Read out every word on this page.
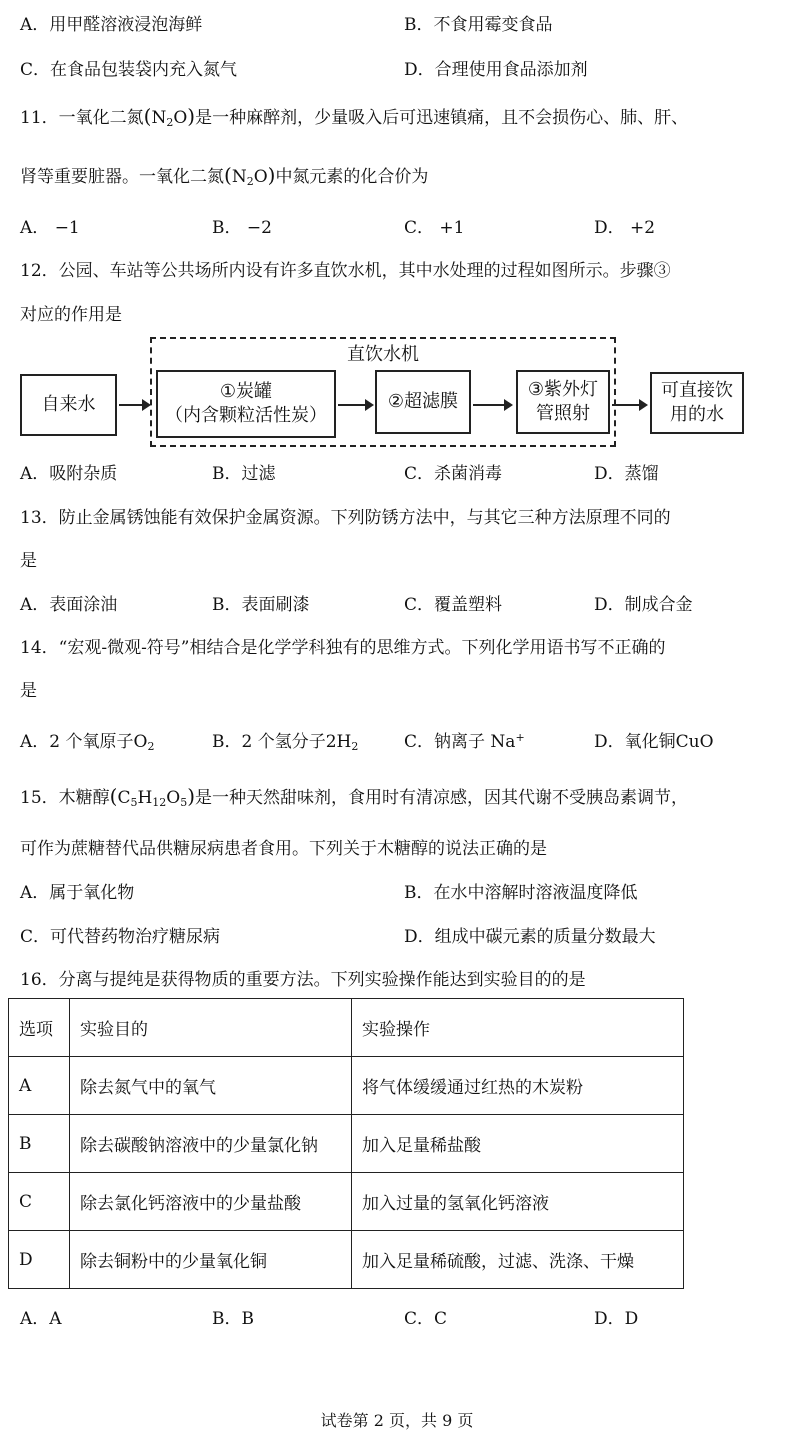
A．用甲醛溶液浸泡海鲜	B．不食用霉变食品
C．在食品包装袋内充入氮气	D．合理使用食品添加剂
11．一氧化二氮$(N_2O)$是一种麻醉剂，少量吸入后可迅速镇痛，且不会损伤心、肺、肝、
肾等重要脏器。一氧化二氮$(N_2O)$中氮元素的化合价为
A． −1	B． −2	C． +1	D． +2
12．公园、车站等公共场所内设有许多直饮水机，其中水处理的过程如图所示。步骤③
对应的作用是
直饮水机
自来水
①炭罐
（内含颗粒活性炭）
②超滤膜
③紫外灯
管照射
可直接饮
用的水
A．吸附杂质	B．过滤	C．杀菌消毒	D．蒸馏
13．防止金属锈蚀能有效保护金属资源。下列防锈方法中，与其它三种方法原理不同的
是
A．表面涂油	B．表面刷漆	C．覆盖塑料	D．制成合金
14．“宏观-微观-符号”相结合是化学学科独有的思维方式。下列化学用语书写不正确的
是
A．2 个氧原子$O_2$	B．2 个氢分子$2H_2$	C．钠离子 Na+	D．氧化铜CuO
15．木糖醇$(C_5H_{12}O_5)$是一种天然甜味剂，食用时有清凉感，因其代谢不受胰岛素调节，
可作为蔗糖替代品供糖尿病患者食用。下列关于木糖醇的说法正确的是
A．属于氧化物	B．在水中溶解时溶液温度降低
C．可代替药物治疗糖尿病	D．组成中碳元素的质量分数最大
16．分离与提纯是获得物质的重要方法。下列实验操作能达到实验目的的是
选项	实验目的	实验操作
A	除去氮气中的氧气	将气体缓缓通过红热的木炭粉
B	除去碳酸钠溶液中的少量氯化钠	加入足量稀盐酸
C	除去氯化钙溶液中的少量盐酸	加入过量的氢氧化钙溶液
D	除去铜粉中的少量氧化铜	加入足量稀硫酸，过滤、洗涤、干燥
A．A	B．B	C．C	D．D
试卷第 2 页，共 9 页
